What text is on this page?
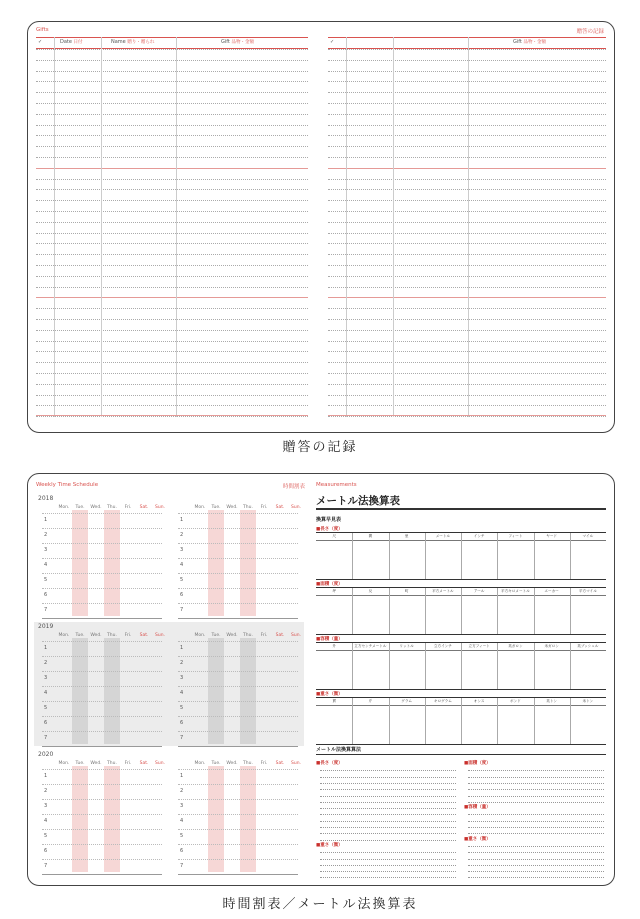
Gifts	贈答の記録
✓	Date 日付	Name 贈り・贈られ	Gift 品物・金額	✓	Gift 品物・金額
贈答の記録
Weekly Time Schedule	時間割表
2018
Mon.	Tue.	Wed.	Thu.	Fri.	Sat.	Sun.
1
2
3
4
5
6
7
Mon.	Tue.	Wed.	Thu.	Fri.	Sat.	Sun.
1
2
3
4
5
6
7
2019
Mon.	Tue.	Wed.	Thu.	Fri.	Sat.	Sun.
1
2
3
4
5
6
7
Mon.	Tue.	Wed.	Thu.	Fri.	Sat.	Sun.
1
2
3
4
5
6
7
2020
Mon.	Tue.	Wed.	Thu.	Fri.	Sat.	Sun.
1
2
3
4
5
6
7
Mon.	Tue.	Wed.	Thu.	Fri.	Sat.	Sun.
1
2
3
4
5
6
7
Measurements
メートル法換算表
換算早見表
■長さ（度）
尺	間	里	メートル	インチ	フィート	ヤード	マイル
■面積（度）
坪	反	町	平方メートル	アール	平方キロメートル	エーカー	平方マイル
■容積（量）
升	立方センチメートル	リットル	立方インチ	立方フィート	英ガロン	米ガロン	英ブッシェル
■重さ（衡）
貫	斤	グラム	キログラム	オンス	ポンド	英トン	米トン
メートル法換算算法
■長さ（度）
■重さ（衡）
■面積（度）
■容積（量）
■重さ（衡）
時間割表／メートル法換算表
